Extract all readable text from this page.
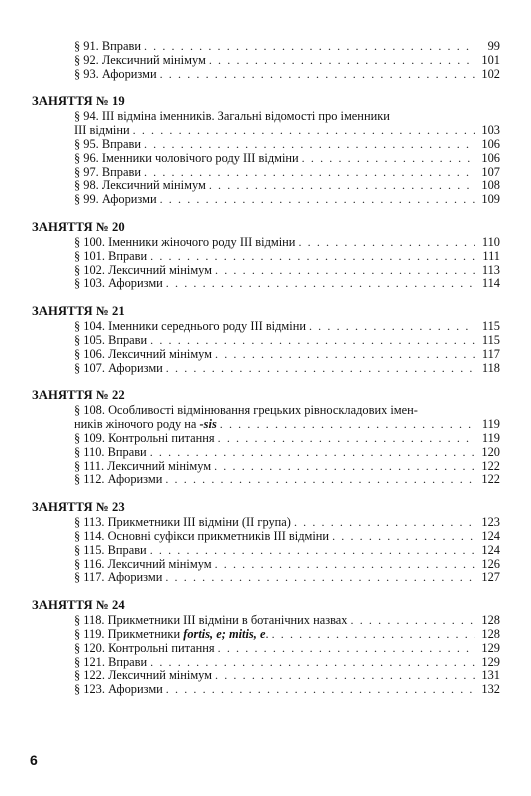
§ 91. Вправи . . .	99
§ 92. Лексичний мінімум . . .	101
§ 93. Афоризми . . .	102
ЗАНЯТТЯ № 19
§ 94. ІІІ відміна іменників. Загальні відомості про іменники
ІІІ відміни . . .	103
§ 95. Вправи . . .	106
§ 96. Іменники чоловічого роду ІІІ відміни . . .	106
§ 97. Вправи . . .	107
§ 98. Лексичний мінімум . . .	108
§ 99. Афоризми . . .	109
ЗАНЯТТЯ № 20
§ 100. Іменники жіночого роду ІІІ відміни . . .	110
§ 101. Вправи . . .	111
§ 102. Лексичний мінімум . . .	113
§ 103. Афоризми . . .	114
ЗАНЯТТЯ № 21
§ 104. Іменники середнього роду ІІІ відміни . . .	115
§ 105. Вправи . . .	115
§ 106. Лексичний мінімум . . .	117
§ 107. Афоризми . . .	118
ЗАНЯТТЯ № 22
§ 108. Особливості відмінювання грецьких рівноскладових імен-
ників жіночого роду на -sis . . .	119
§ 109. Контрольні питання . . .	119
§ 110. Вправи . . .	120
§ 111. Лексичний мінімум . . .	122
§ 112. Афоризми . . .	122
ЗАНЯТТЯ № 23
§ 113. Прикметники ІІІ відміни (ІІ група) . . .	123
§ 114. Основні суфікси прикметників ІІІ відміни . . .	124
§ 115. Вправи . . .	124
§ 116. Лексичний мінімум . . .	126
§ 117. Афоризми . . .	127
ЗАНЯТТЯ № 24
§ 118. Прикметники ІІІ відміни в ботанічних назвах . . .	128
§ 119. Прикметники fortis, e; mitis, e. . . .	128
§ 120. Контрольні питання . . .	129
§ 121. Вправи . . .	129
§ 122. Лексичний мінімум . . .	131
§ 123. Афоризми . . .	132
6
